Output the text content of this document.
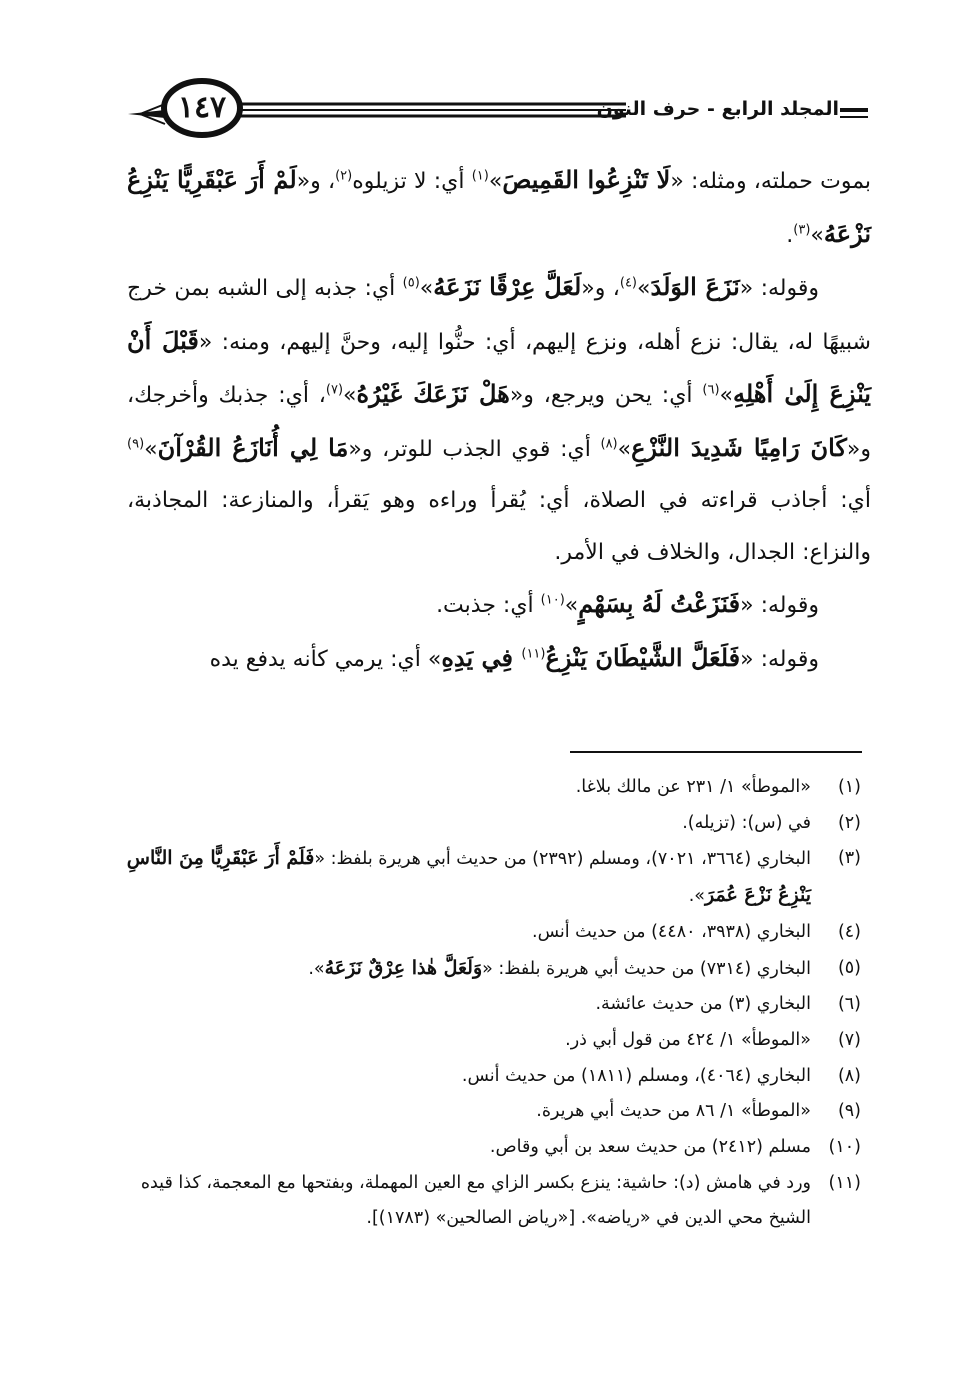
١٤٧	المجلد الرابع - حرف النون

بموت حملته، ومثله: «لَا تَنْزِعُوا القَمِيصَ»$^{(١)}$ أي: لا تزيلوه$^{(٢)}$، و«لَمْ أَرَ عَبْقَرِيًّا يَنْزِعُ نَزْعَهُ»$^{(٣)}$.

وقوله: «نَزَعَ الوَلَدَ»$^{(٤)}$، و«لَعَلَّ عِرْقًا نَزَعَهُ»$^{(٥)}$ أي: جذبه إلى الشبه بمن خرج شبيهًا له، يقال: نزع أهله، ونزع إليهم، أي: حنُّوا إليه، وحنَّ إليهم، ومنه: «قَبْلَ أَنْ يَنْزِعَ إِلَىٰ أَهْلِهِ»$^{(٦)}$ أي: يحن ويرجع، و«هَلْ نَزَعَكَ غَيْرُهُ»$^{(٧)}$، أي: جذبك وأخرجك، و«كَانَ رَامِيًا شَدِيدَ النَّزْعِ»$^{(٨)}$ أي: قوي الجذب للوتر، و«مَا لِي أُنَازَعُ القُرْآنَ»$^{(٩)}$ أي: أجاذب قراءته في الصلاة، أي: يُقرأ وراءه وهو يَقرأ، والمنازعة: المجاذبة، والنزاع: الجدال، والخلاف في الأمر.

وقوله: «فَنَزَعْتُ لَهُ بِسَهْمٍ»$^{(١٠)}$ أي: جذبت.

وقوله: «فَلَعَلَّ الشَّيْطَانَ يَنْزِعُ$^{(١١)}$ فِي يَدِهِ» أي: يرمي كأنه يدفع يده

(١)
«الموطأ» ١/ ٢٣١ عن مالك بلاغا.
(٢)
في (س): (تزيله).
(٣)
البخاري (٣٦٦٤، ٧٠٢١)، ومسلم (٢٣٩٢) من حديث أبي هريرة بلفظ: «فَلَمْ أَرَ عَبْقَرِيًّا مِنَ النَّاسِ يَنْزِعُ نَزْعَ عُمَرَ».
(٤)
البخاري (٣٩٣٨، ٤٤٨٠) من حديث أنس.
(٥)
البخاري (٧٣١٤) من حديث أبي هريرة بلفظ: «وَلَعَلَّ هٰذا عِرْقٌ نَزَعَهُ».
(٦)
البخاري (٣) من حديث عائشة.
(٧)
«الموطأ» ١/ ٤٢٤ من قول أبي ذر.
(٨)
البخاري (٤٠٦٤)، ومسلم (١٨١١) من حديث أنس.
(٩)
«الموطأ» ١/ ٨٦ من حديث أبي هريرة.
(١٠)
مسلم (٢٤١٢) من حديث سعد بن أبي وقاص.
(١١)
ورد في هامش (د): حاشية: ينزع بكسر الزاي مع العين المهملة، وبفتحها مع المعجمة، كذا قيده الشيخ محي الدين في «رياضه». [«رياض الصالحين» (١٧٨٣)].
